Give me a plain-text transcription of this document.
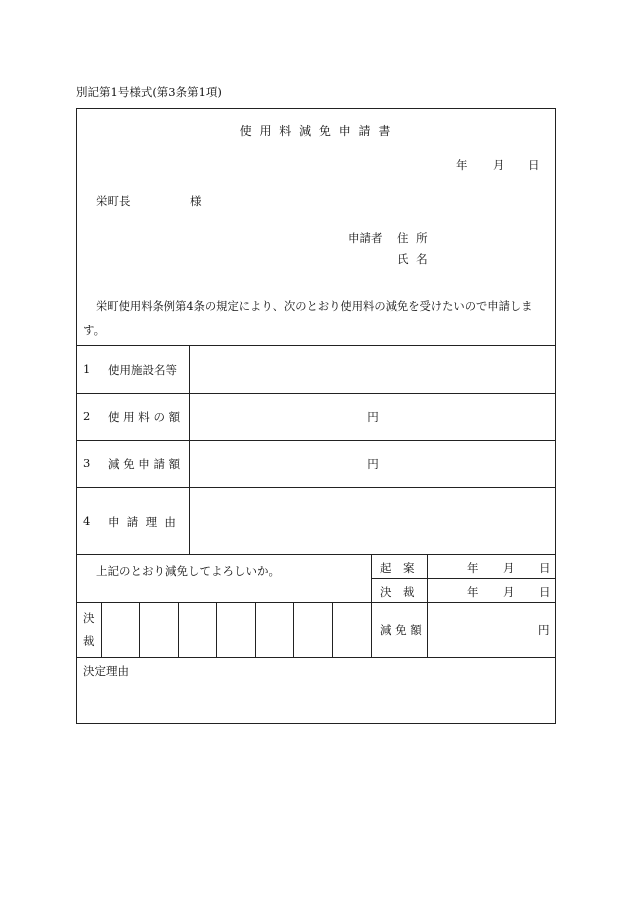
別記第1号様式(第3条第1項)
使 用 料 減 免 申 請 書
年 月 日
栄町長	様
申請者 住 所
氏 名
栄町使用料条例第4条の規定により、次のとおり使用料の減免を受けたいので申請しま
す。
1 使用施設名等
2 使 用 料 の 額	円
3 減 免 申 請 額	円
4 申  請  理  由
上記のとおり減免してよろしいか。	起　案	年 月 日
決　裁	年 月 日
決
裁
減 免 額	円
決定理由
